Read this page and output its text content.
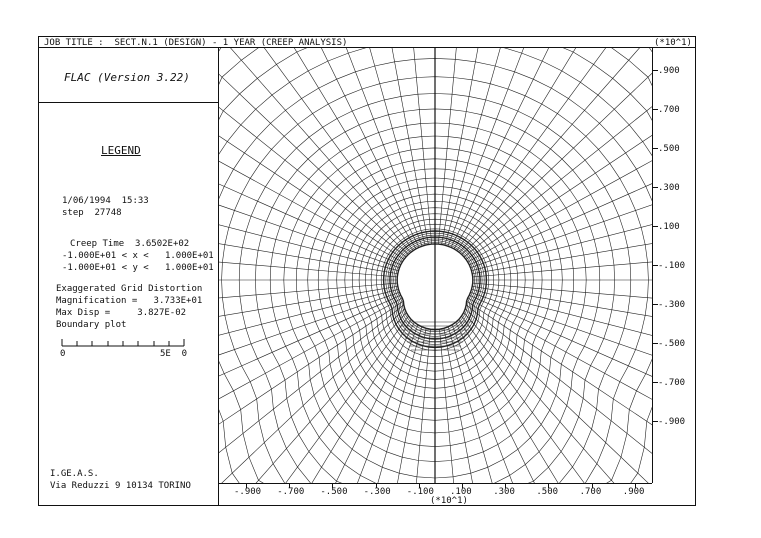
JOB TITLE :  SECT.N.1 (DESIGN) - 1 YEAR (CREEP ANALYSIS)	(*10^1)
FLAC (Version 3.22)
LEGEND
1/06/1994  15:33
step  27748
Creep Time  3.6502E+02
-1.000E+01 < x <   1.000E+01
-1.000E+01 < y <   1.000E+01
Exaggerated Grid Distortion
Magnification =   3.733E+01
Max Disp =     3.827E-02
Boundary plot
0	5E  0
I.GE.A.S.
Via Reduzzi 9 10134 TORINO
.900
.700
.500
.300
.100
-.100
-.300
-.500
-.700
-.900
-.900 -.700 -.500 -.300 -.100 .100 .300 .500 .700 .900
(*10^1)
